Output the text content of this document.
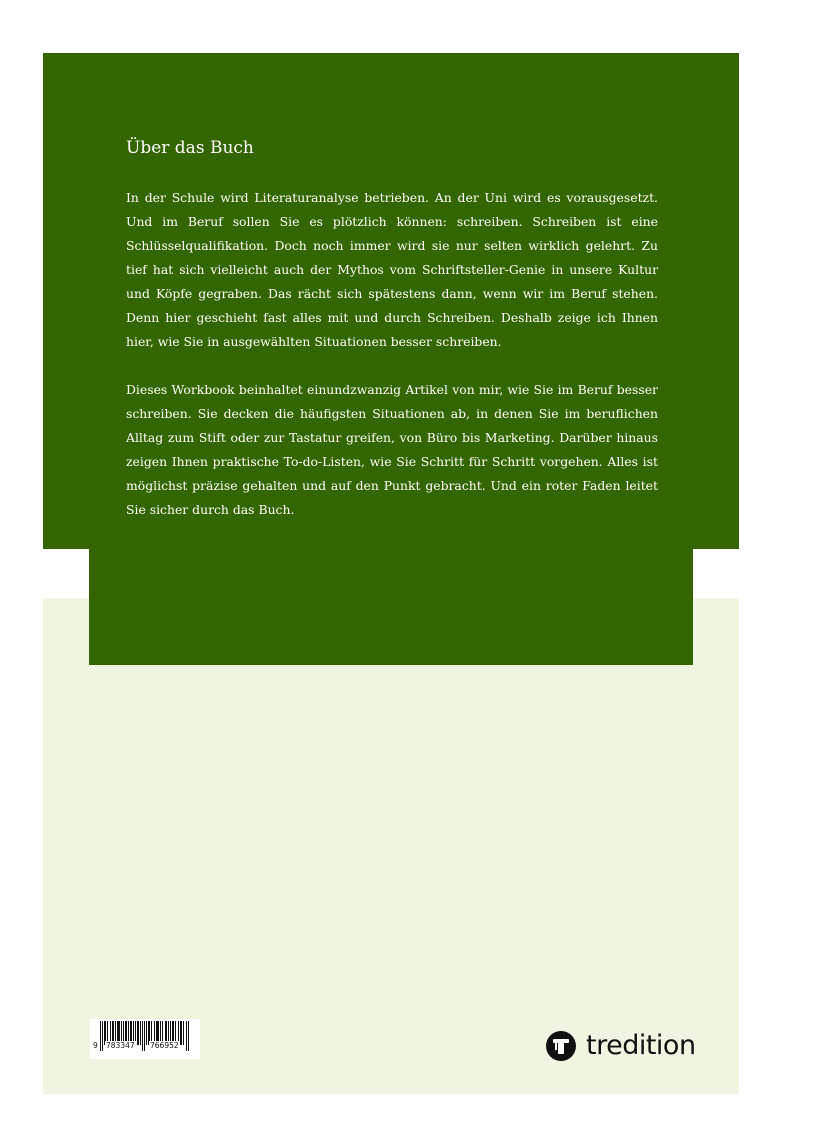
Über das Buch

In der Schule wird Literaturanalyse betrieben. An der Uni wird es vorausgesetzt. Und im Beruf sollen Sie es plötzlich können: schreiben. Schreiben ist eine Schlüsselqualifikation. Doch noch immer wird sie nur selten wirklich gelehrt. Zu tief hat sich vielleicht auch der Mythos vom Schriftsteller-Genie in unsere Kultur und Köpfe gegraben. Das rächt sich spätestens dann, wenn wir im Beruf stehen. Denn hier geschieht fast alles mit und durch Schreiben. Deshalb zeige ich Ihnen hier, wie Sie in ausgewählten Situationen besser schreiben.

Dieses Workbook beinhaltet einundzwanzig Artikel von mir, wie Sie im Beruf besser schreiben. Sie decken die häufigsten Situationen ab, in denen Sie im beruflichen Alltag zum Stift oder zur Tastatur greifen, von Büro bis Marketing. Darüber hinaus zeigen Ihnen praktische To-do-Listen, wie Sie Schritt für Schritt vorgehen. Alles ist möglichst präzise gehalten und auf den Punkt gebracht. Und ein roter Faden leitet Sie sicher durch das Buch.

9 783347 766952	tredition
